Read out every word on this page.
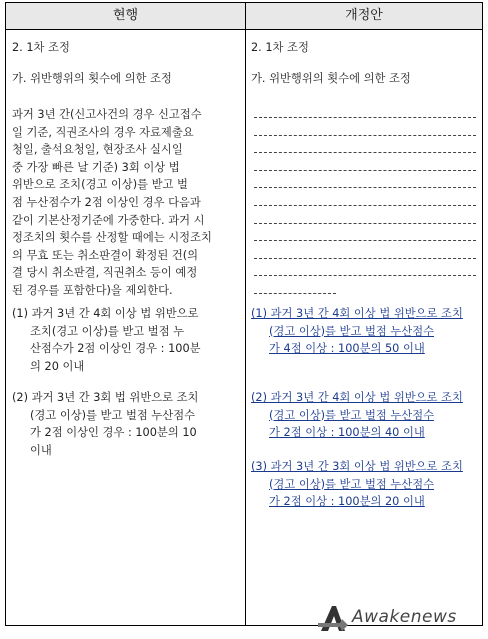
현행	개정안
2. 1차 조정
가. 위반행위의 횟수에 의한 조정
과거 3년 간(신고사건의 경우 신고접수
일 기준, 직권조사의 경우 자료제출요
청일, 출석요청일, 현장조사 실시일
중 가장 빠른 날 기준) 3회 이상 법
위반으로 조치(경고 이상)를 받고 벌
점 누산점수가 2점 이상인 경우 다음과
같이 기본산정기준에 가중한다. 과거 시
정조치의 횟수를 산정할 때에는 시정조치
의 무효 또는 취소판결이 확정된 건(의
결 당시 취소판결, 직권취소 등이 예정
된 경우를 포함한다)을 제외한다.
(1) 과거 3년 간 4회 이상 법 위반으로
조치(경고 이상)를 받고 벌점 누
산점수가 2점 이상인 경우 : 100분
의 20 이내
(2) 과거 3년 간 3회 법 위반으로 조치
(경고 이상)를 받고 벌점 누산점수
가 2점 이상인 경우 : 100분의 10
이내
2. 1차 조정
가. 위반행위의 횟수에 의한 조정
(1) 과거 3년 간 4회 이상 법 위반으로 조치
(경고 이상)를 받고 벌점 누산점수
가 4점 이상 : 100분의 50 이내
(2) 과거 3년 간 4회 이상 법 위반으로 조치
(경고 이상)를 받고 벌점 누산점수
가 2점 이상 : 100분의 40 이내
(3) 과거 3년 간 3회 이상 법 위반으로 조치
(경고 이상)를 받고 벌점 누산점수
가 2점 이상 : 100분의 20 이내
Awakenews
